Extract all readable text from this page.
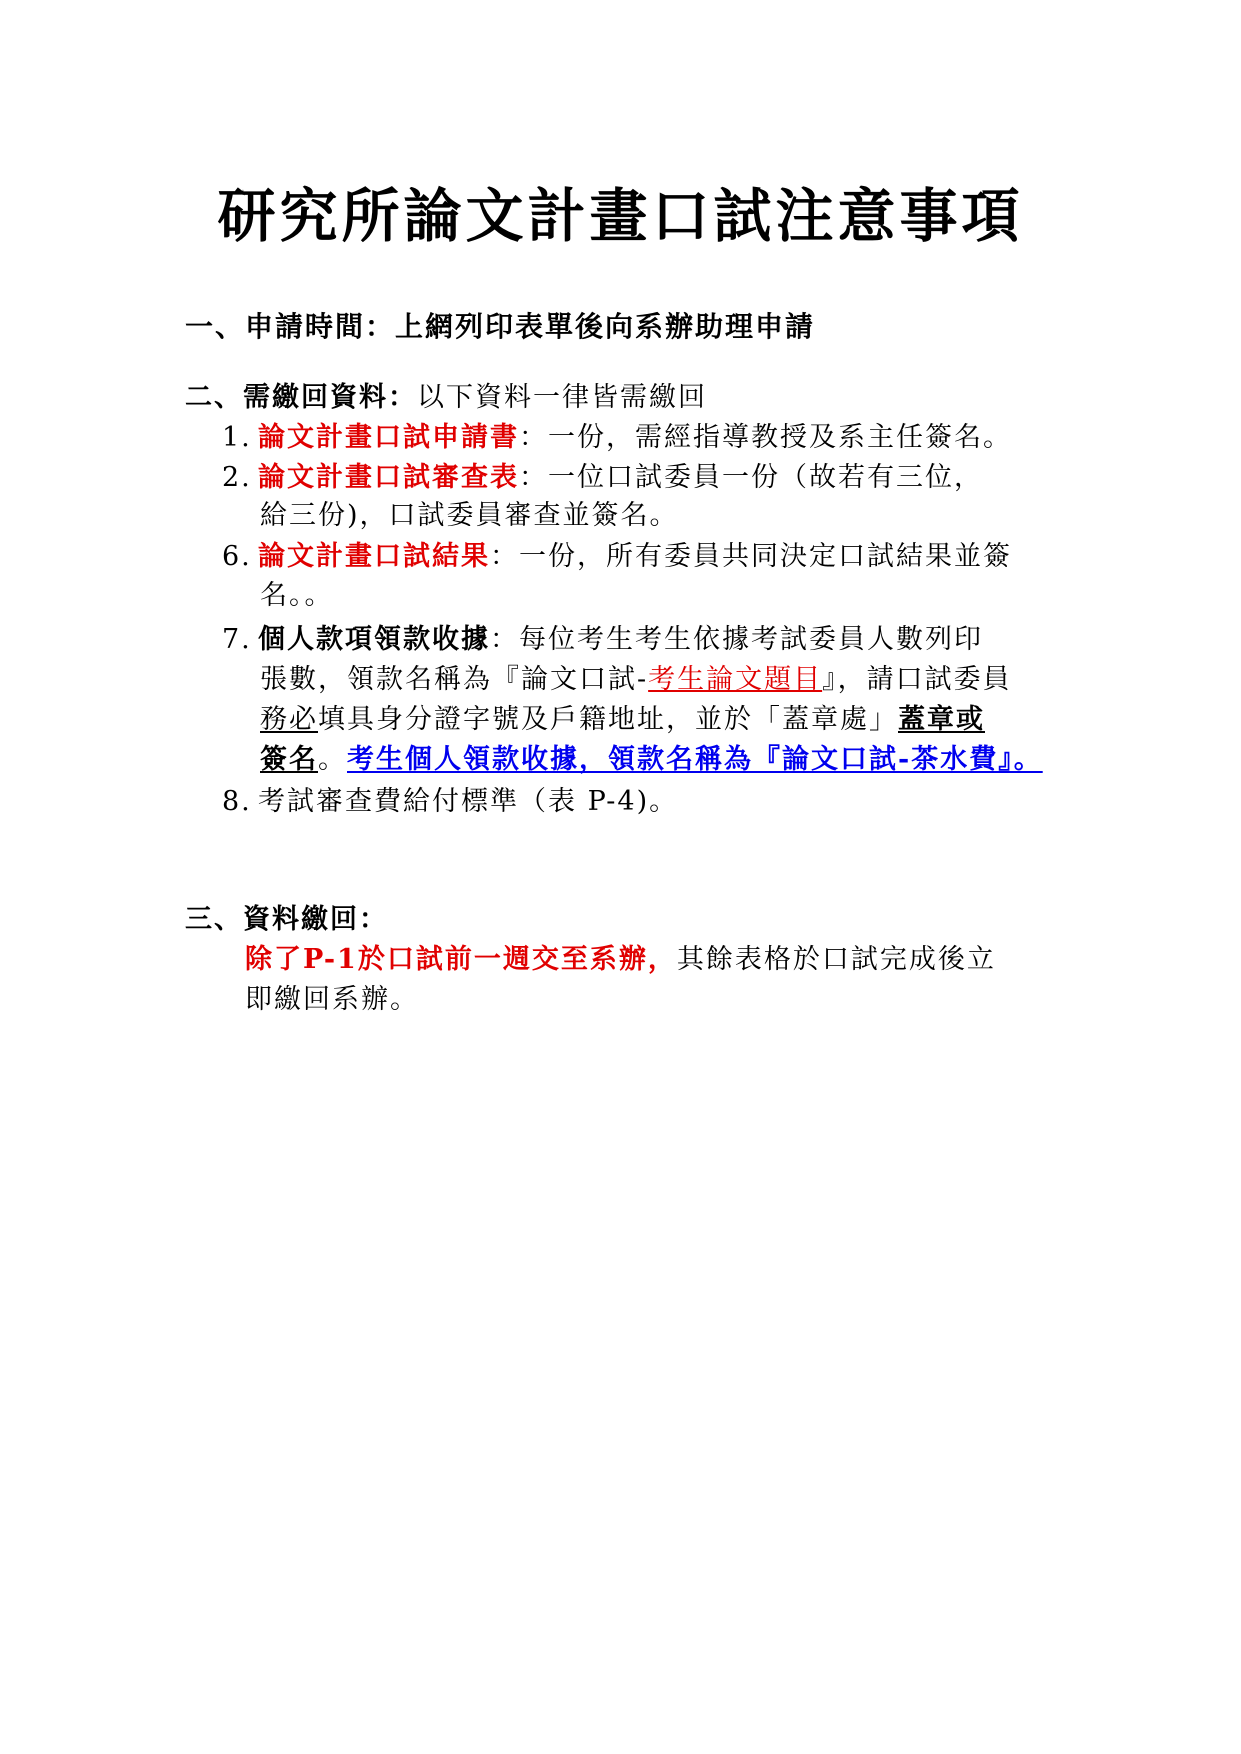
研究所論文計畫口試注意事項
一、申請時間：上網列印表單後向系辦助理申請
二、需繳回資料：以下資料一律皆需繳回
1. 論文計畫口試申請書：一份，需經指導教授及系主任簽名。
2. 論文計畫口試審查表：一位口試委員一份（故若有三位，
給三份)，口試委員審查並簽名。
6. 論文計畫口試結果：一份，所有委員共同決定口試結果並簽
名。。
7. 個人款項領款收據：每位考生考生依據考試委員人數列印
張數，領款名稱為『論文口試-考生論文題目』，請口試委員
務必填具身分證字號及戶籍地址，並於「蓋章處」蓋章或
簽名。考生個人領款收據，領款名稱為『論文口試-茶水費』。
8. 考試審查費給付標準（表 P-4)。
三、資料繳回：
除了P-1於口試前一週交至系辦，其餘表格於口試完成後立
即繳回系辦。
